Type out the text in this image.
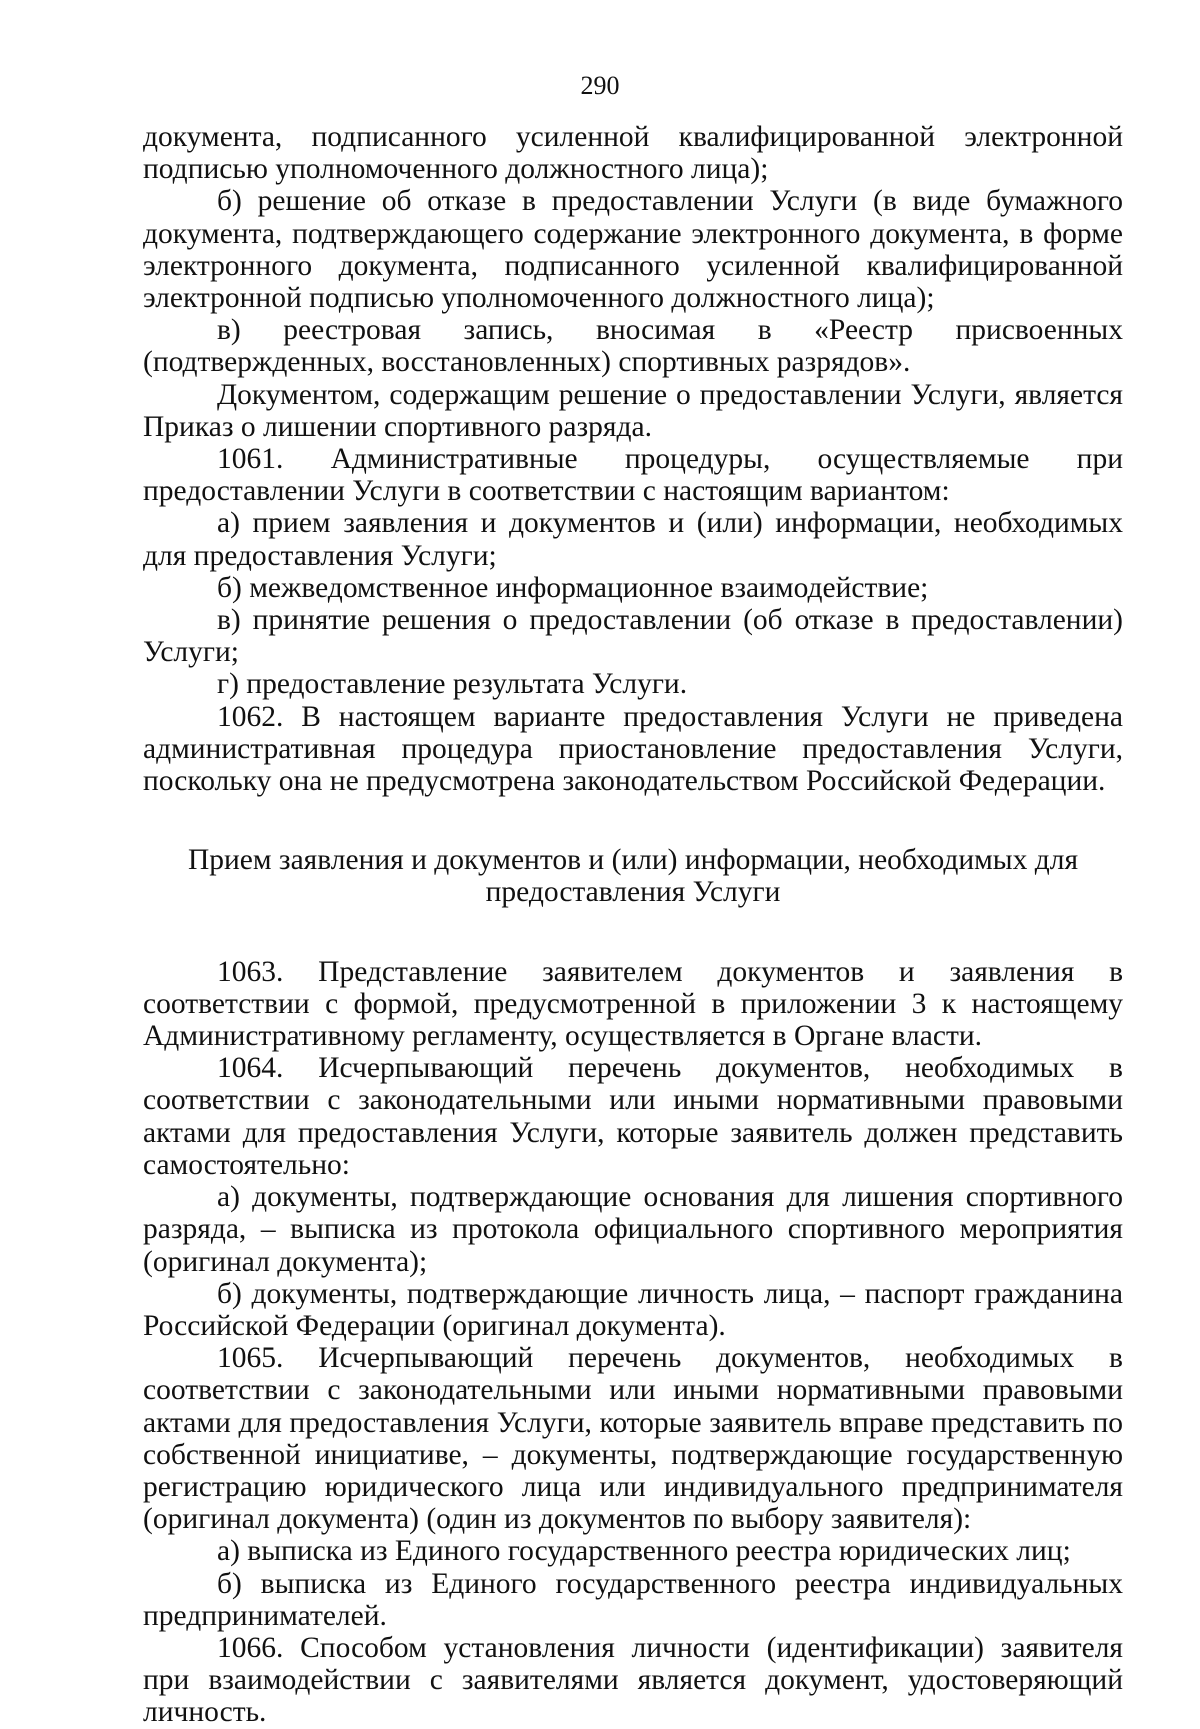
290

документа, подписанного усиленной квалифицированной электронной подписью уполномоченного должностного лица);

б) решение об отказе в предоставлении Услуги (в виде бумажного документа, подтверждающего содержание электронного документа, в форме электронного документа, подписанного усиленной квалифицированной электронной подписью уполномоченного должностного лица);

в) реестровая запись, вносимая в «Реестр присвоенных (подтвержденных, восстановленных) спортивных разрядов».

Документом, содержащим решение о предоставлении Услуги, является Приказ о лишении спортивного разряда.

1061. Административные процедуры, осуществляемые при предоставлении Услуги в соответствии с настоящим вариантом:

а) прием заявления и документов и (или) информации, необходимых для предоставления Услуги;

б) межведомственное информационное взаимодействие;

в) принятие решения о предоставлении (об отказе в предоставлении) Услуги;

г) предоставление результата Услуги.

1062. В настоящем варианте предоставления Услуги не приведена административная процедура приостановление предоставления Услуги, поскольку она не предусмотрена законодательством Российской Федерации.

Прием заявления и документов и (или) информации, необходимых для предоставления Услуги

1063. Представление заявителем документов и заявления в соответствии с формой, предусмотренной в приложении 3 к настоящему Административному регламенту, осуществляется в Органе власти.

1064. Исчерпывающий перечень документов, необходимых в соответствии с законодательными или иными нормативными правовыми актами для предоставления Услуги, которые заявитель должен представить самостоятельно:

а) документы, подтверждающие основания для лишения спортивного разряда, – выписка из протокола официального спортивного мероприятия (оригинал документа);

б) документы, подтверждающие личность лица, – паспорт гражданина Российской Федерации (оригинал документа).

1065. Исчерпывающий перечень документов, необходимых в соответствии с законодательными или иными нормативными правовыми актами для предоставления Услуги, которые заявитель вправе представить по собственной инициативе, – документы, подтверждающие государственную регистрацию юридического лица или индивидуального предпринимателя (оригинал документа) (один из документов по выбору заявителя):

а) выписка из Единого государственного реестра юридических лиц;

б) выписка из Единого государственного реестра индивидуальных предпринимателей.

1066. Способом установления личности (идентификации) заявителя при взаимодействии с заявителями является документ, удостоверяющий личность.
